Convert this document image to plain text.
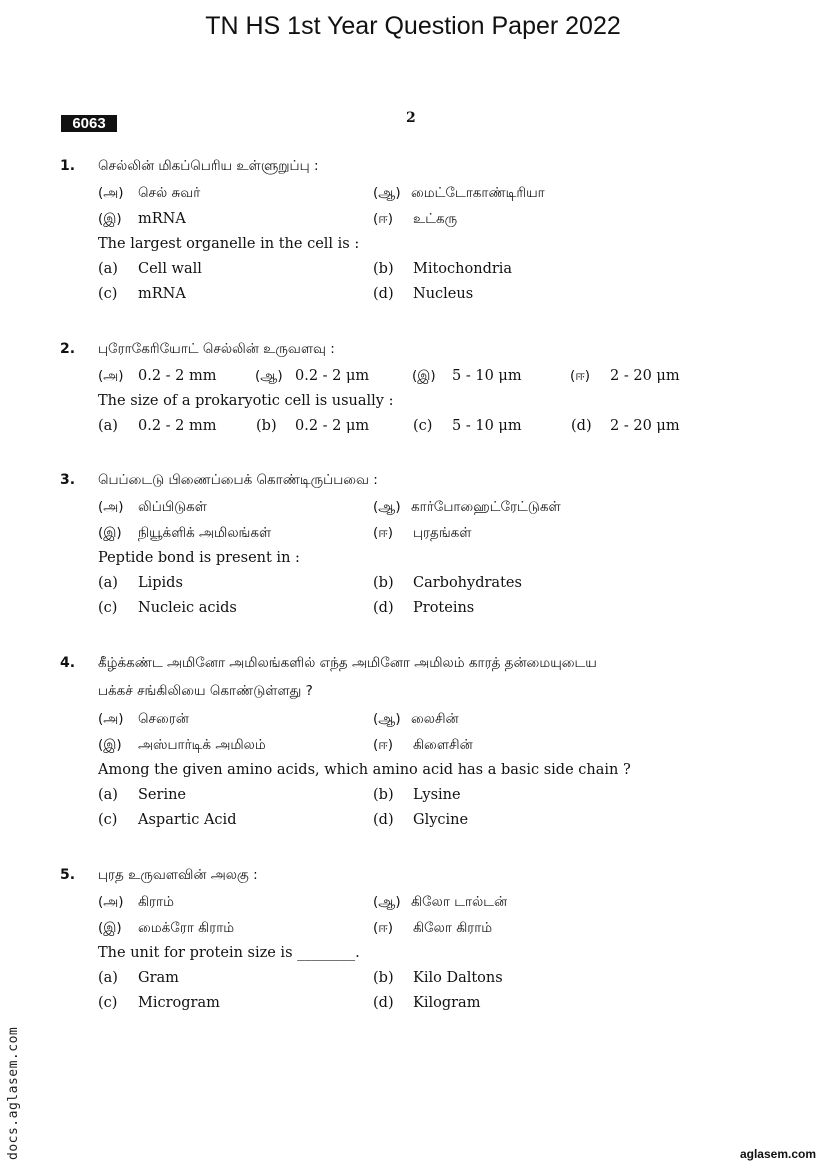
TN HS 1st Year Question Paper 2022
6063	2
1. செல்லின் மிகப்பெரிய உள்ளுறுப்பு :
(அ) செல் சுவர்	(ஆ) மைட்டோகாண்டிரியா
(இ) mRNA	(ஈ) உட்கரு
The largest organelle in the cell is :
(a) Cell wall	(b) Mitochondria
(c) mRNA	(d) Nucleus
2. புரோகேரியோட் செல்லின் உருவளவு :
(அ) 0.2 - 2 mm	(ஆ) 0.2 - 2 μm	(இ) 5 - 10 μm	(ஈ) 2 - 20 μm
The size of a prokaryotic cell is usually :
(a) 0.2 - 2 mm	(b) 0.2 - 2 μm	(c) 5 - 10 μm	(d) 2 - 20 μm
3. பெப்டைடு பிணைப்பைக் கொண்டிருப்பவை :
(அ) லிப்பிடுகள்	(ஆ) கார்போஹைட்ரேட்டுகள்
(இ) நியூக்ளிக் அமிலங்கள்	(ஈ) புரதங்கள்
Peptide bond is present in :
(a) Lipids	(b) Carbohydrates
(c) Nucleic acids	(d) Proteins
4. கீழ்க்கண்ட அமினோ அமிலங்களில் எந்த அமினோ அமிலம் காரத் தன்மையுடைய
பக்கச் சங்கிலியை கொண்டுள்ளது ?
(அ) செரைன்	(ஆ) லைசின்
(இ) அஸ்பார்டிக் அமிலம்	(ஈ) கிளைசின்
Among the given amino acids, which amino acid has a basic side chain ?
(a) Serine	(b) Lysine
(c) Aspartic Acid	(d) Glycine
5. புரத உருவளவின் அலகு :
(அ) கிராம்	(ஆ) கிலோ டால்டன்
(இ) மைக்ரோ கிராம்	(ஈ) கிலோ கிராம்
The unit for protein size is ________.
(a) Gram	(b) Kilo Daltons
(c) Microgram	(d) Kilogram
docs.aglasem.com	aglasem.com
